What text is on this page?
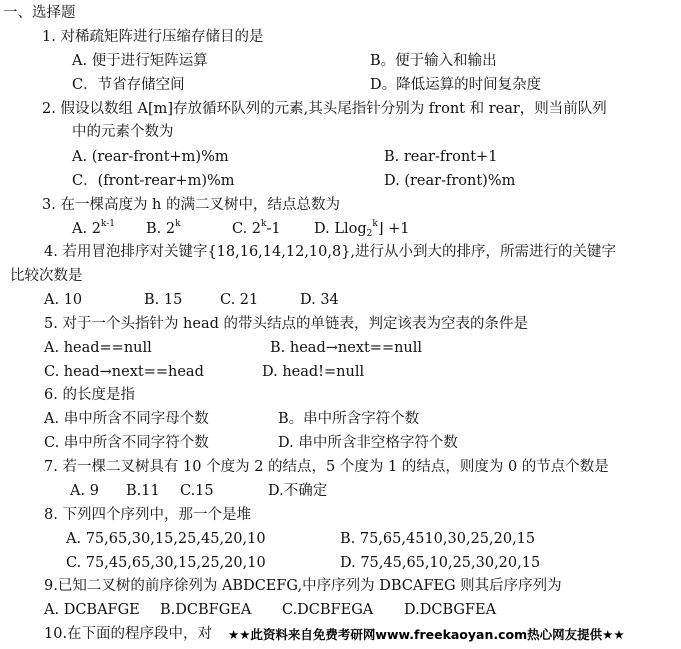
一、选择题
1. 对稀疏矩阵进行压缩存储目的是
A. 便于进行矩阵运算	B。便于输入和输出
C．节省存储空间	D。降低运算的时间复杂度
2. 假设以数组 A[m]存放循环队列的元素,其头尾指针分别为 front 和 rear，则当前队列
中的元素个数为
A. (rear-front+m)%m	B. rear-front+1
C．(front-rear+m)%m	D. (rear-front)%m
3. 在一棵高度为 h 的满二叉树中，结点总数为
A. 2$^{k-1}$ B. 2$^k$	C. 2$^k$-1 D. Llog$_2^k$⌋ +1
4. 若用冒泡排序对关键字{18,16,14,12,10,8},进行从小到大的排序，所需进行的关键字
比较次数是
A. 10	B. 15	C. 21	D. 34
5. 对于一个头指针为 head 的带头结点的单链表，判定该表为空表的条件是
A. head==null	B. head→next==null
C. head→next==head	D. head!=null
6. 的长度是指
A. 串中所含不同字母个数	B。串中所含字符个数
C. 串中所含不同字符个数	D. 串中所含非空格字符个数
7. 若一棵二叉树具有 10 个度为 2 的结点，5 个度为 1 的结点，则度为 0 的节点个数是
A. 9 B.11 C.15	D.不确定
8. 下列四个序列中，那一个是堆
A. 75,65,30,15,25,45,20,10	B. 75,65,4510,30,25,20,15
C. 75,45,65,30,15,25,20,10	D. 75,45,65,10,25,30,20,15
9.已知二叉树的前序徐列为 ABDCEFG,中序序列为 DBCAFEG 则其后序序列为
A. DCBAFGE B.DCBFGEA C.DCBFEGA D.DCBGFEA
10.在下面的程序段中，对 ★★此资料来自免费考研网www.freekaoyan.com热心网友提供★★
